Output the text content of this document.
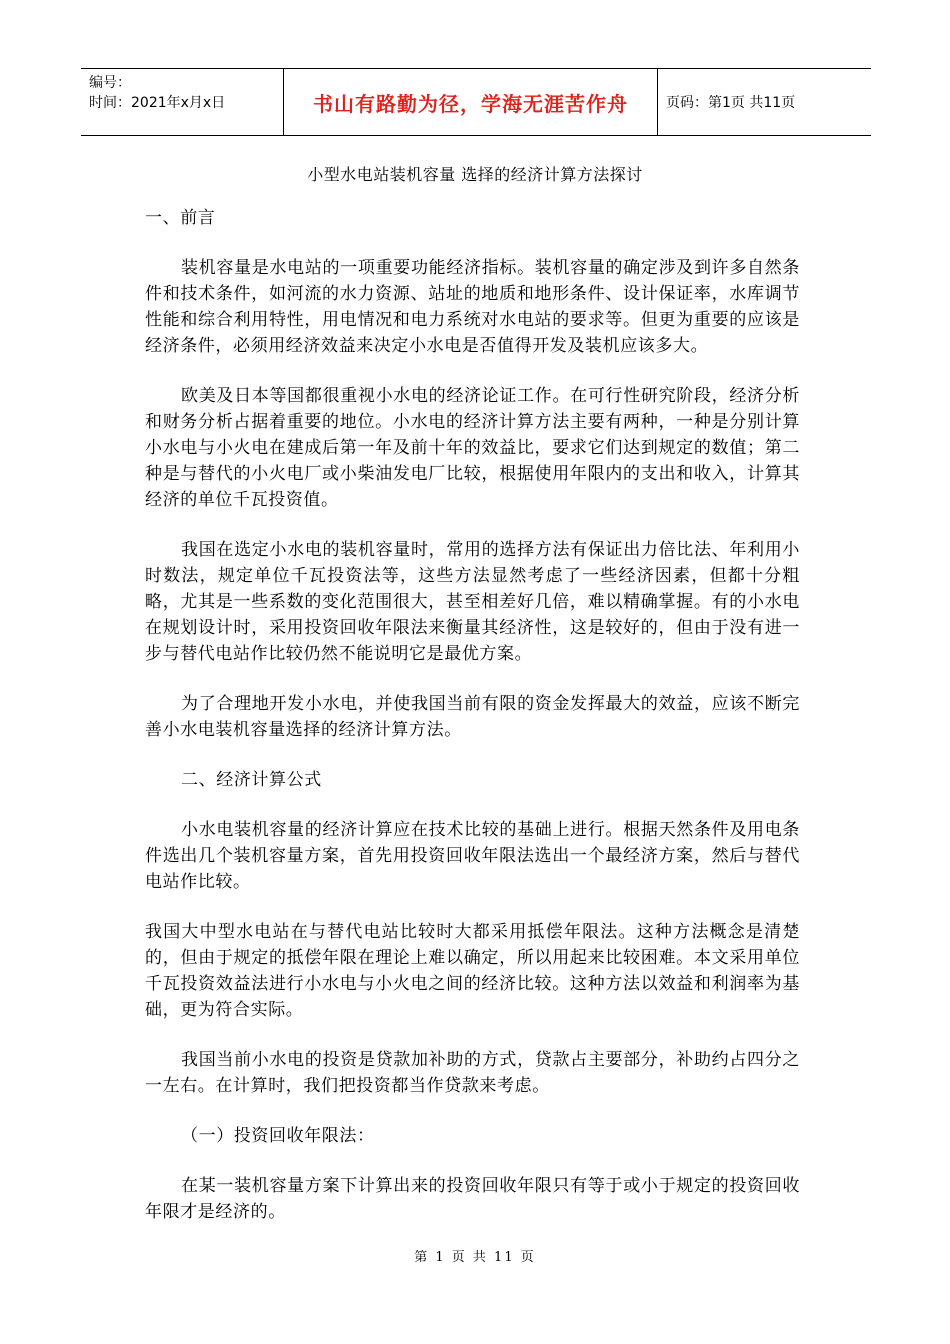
编号：
时间：2021年x月x日	书山有路勤为径，学海无涯苦作舟	页码：第1页 共11页
小型水电站装机容量 选择的经济计算方法探讨

一、前言

装机容量是水电站的一项重要功能经济指标。装机容量的确定涉及到许多自然条件和技术条件，如河流的水力资源、站址的地质和地形条件、设计保证率，水库调节性能和综合利用特性，用电情况和电力系统对水电站的要求等。但更为重要的应该是经济条件，必须用经济效益来决定小水电是否值得开发及装机应该多大。

欧美及日本等国都很重视小水电的经济论证工作。在可行性研究阶段，经济分析和财务分析占据着重要的地位。小水电的经济计算方法主要有两种，一种是分别计算小水电与小火电在建成后第一年及前十年的效益比，要求它们达到规定的数值；第二种是与替代的小火电厂或小柴油发电厂比较，根据使用年限内的支出和收入，计算其经济的单位千瓦投资值。

我国在选定小水电的装机容量时，常用的选择方法有保证出力倍比法、年利用小时数法，规定单位千瓦投资法等，这些方法显然考虑了一些经济因素，但都十分粗略，尤其是一些系数的变化范围很大，甚至相差好几倍，难以精确掌握。有的小水电在规划设计时，采用投资回收年限法来衡量其经济性，这是较好的，但由于没有进一步与替代电站作比较仍然不能说明它是最优方案。

为了合理地开发小水电，并使我国当前有限的资金发挥最大的效益，应该不断完善小水电装机容量选择的经济计算方法。

二、经济计算公式

小水电装机容量的经济计算应在技术比较的基础上进行。根据天然条件及用电条件选出几个装机容量方案，首先用投资回收年限法选出一个最经济方案，然后与替代电站作比较。

我国大中型水电站在与替代电站比较时大都采用抵偿年限法。这种方法概念是清楚的，但由于规定的抵偿年限在理论上难以确定，所以用起来比较困难。本文采用单位千瓦投资效益法进行小水电与小火电之间的经济比较。这种方法以效益和利润率为基础，更为符合实际。

我国当前小水电的投资是贷款加补助的方式，贷款占主要部分，补助约占四分之一左右。在计算时，我们把投资都当作贷款来考虑。

（一）投资回收年限法：

在某一装机容量方案下计算出来的投资回收年限只有等于或小于规定的投资回收年限才是经济的。

第 1 页 共 11 页
